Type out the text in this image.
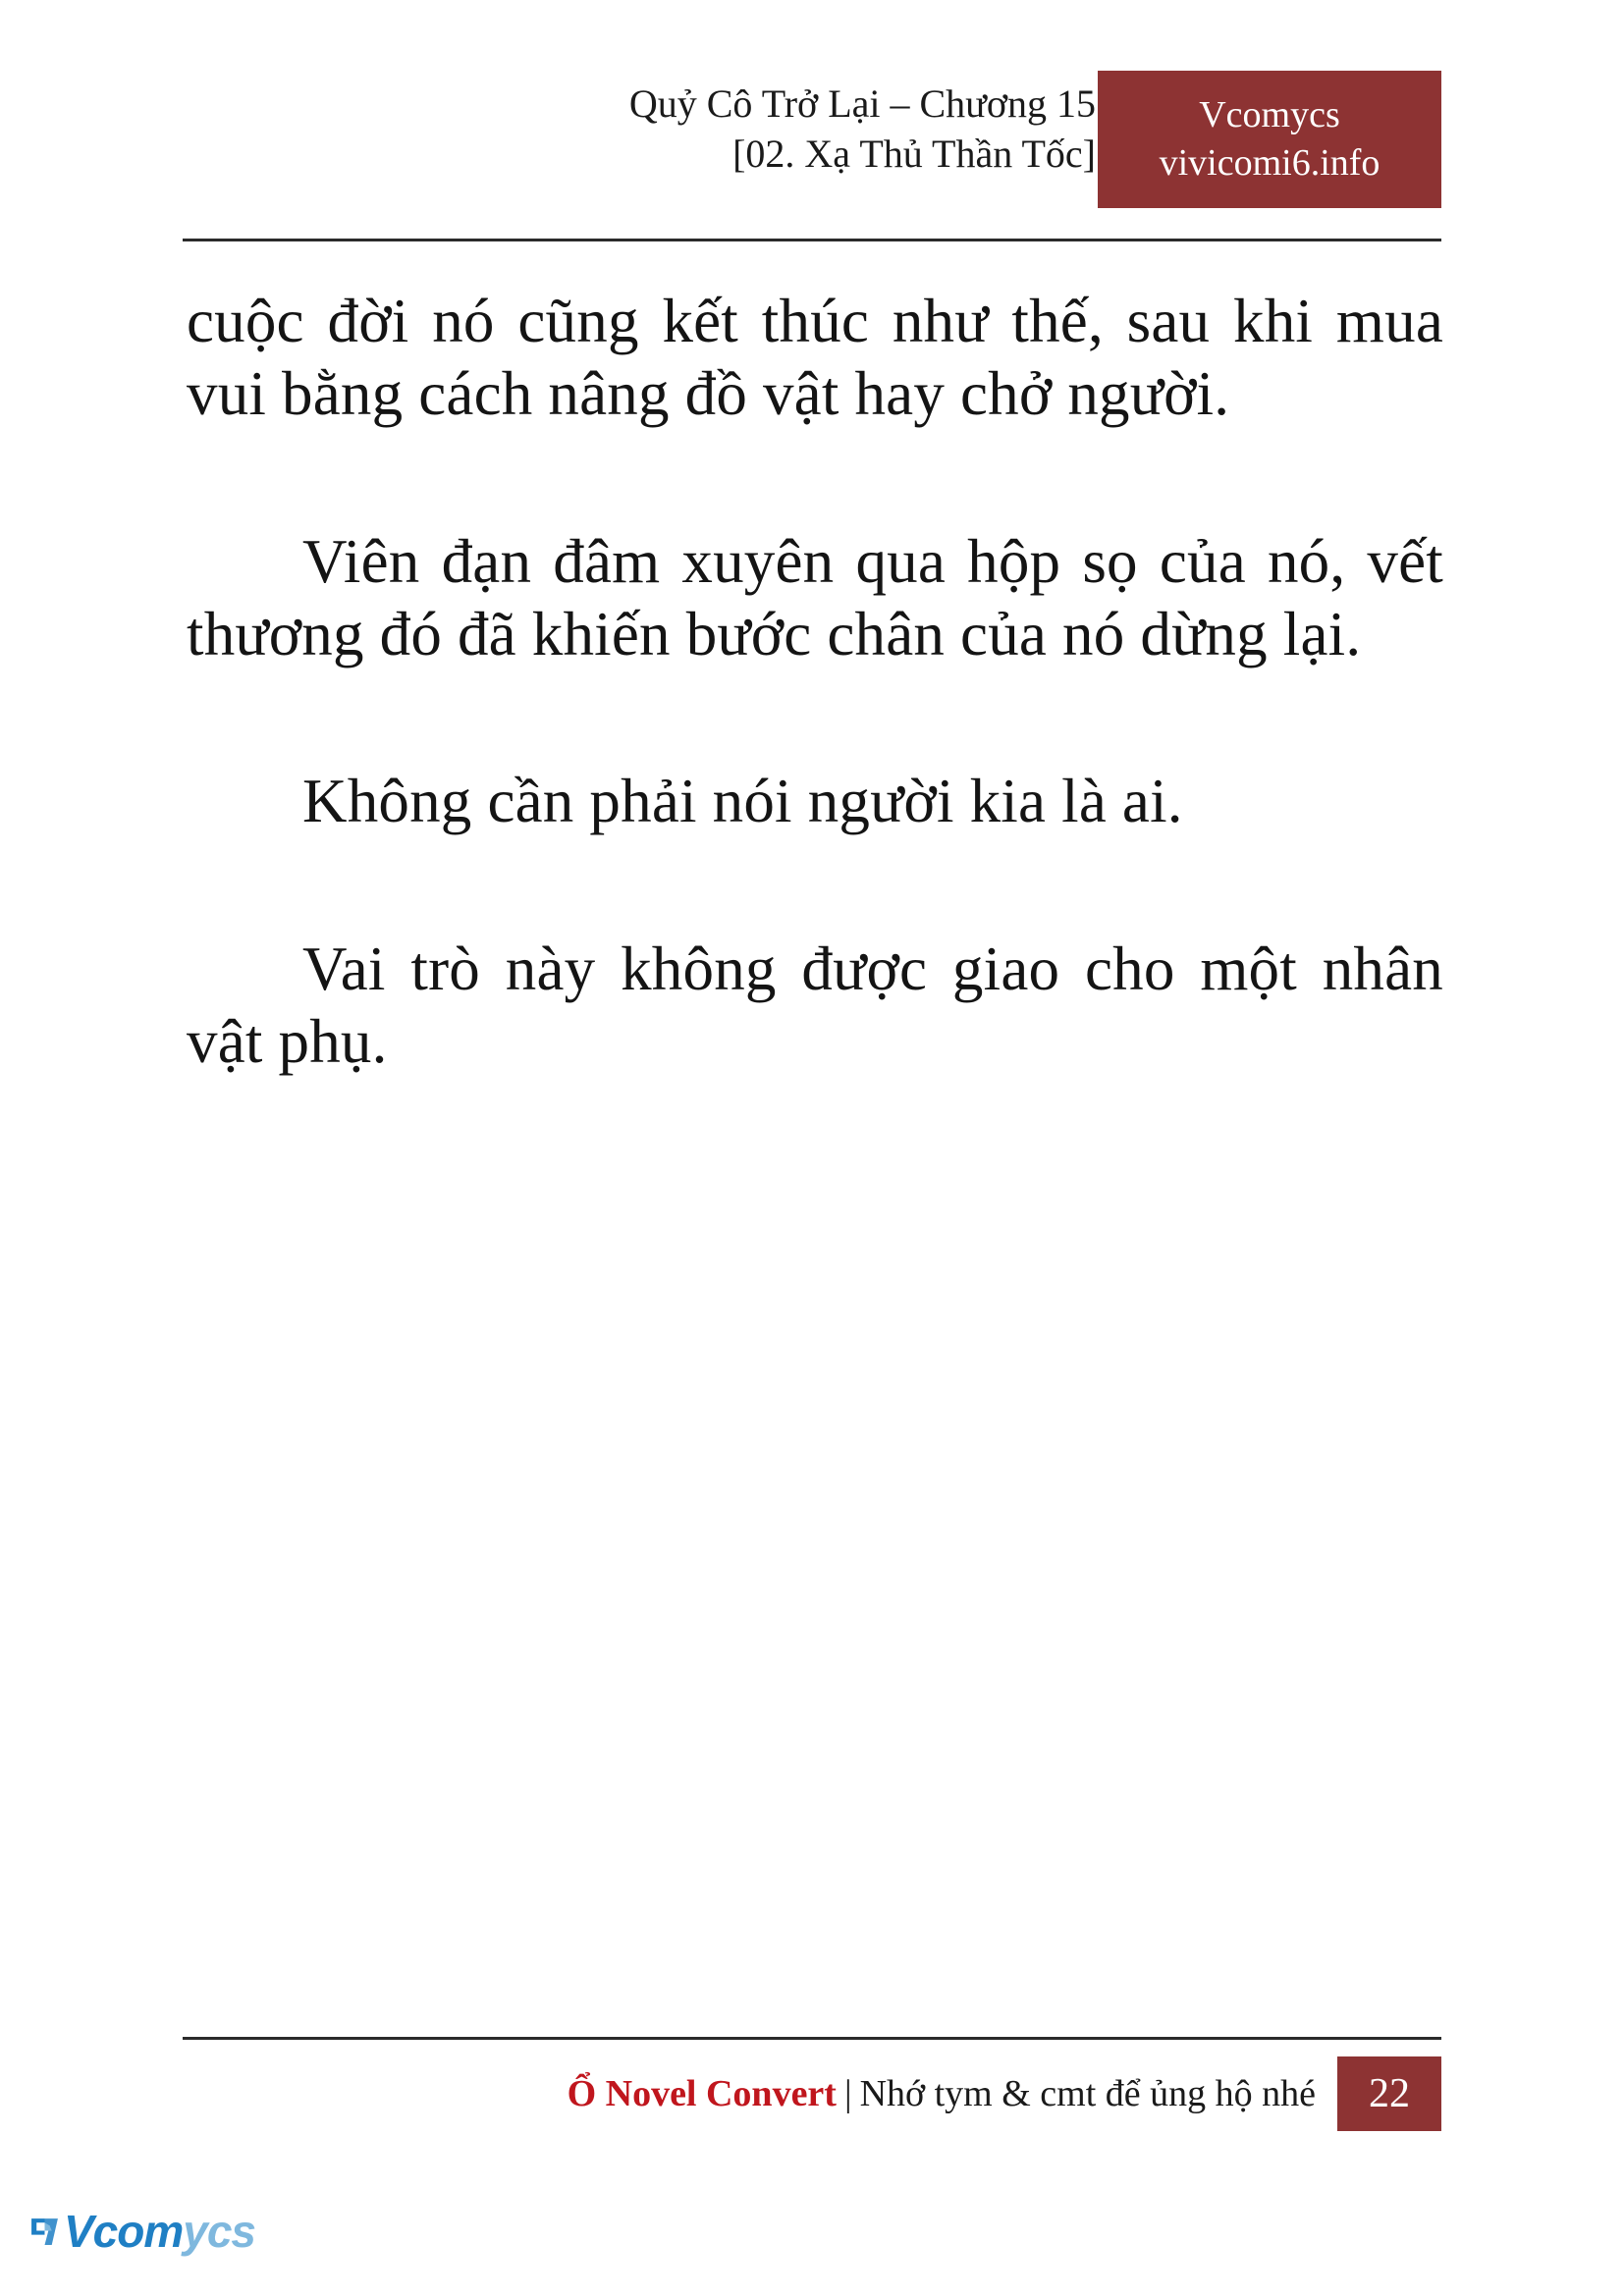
Quỷ Cô Trở Lại – Chương 15
[02. Xạ Thủ Thần Tốc]
Vcomycs
vivicomi6.info

cuộc đời nó cũng kết thúc như thế, sau khi mua vui bằng cách nâng đồ vật hay chở người.

Viên đạn đâm xuyên qua hộp sọ của nó, vết thương đó đã khiến bước chân của nó dừng lại.

Không cần phải nói người kia là ai.

Vai trò này không được giao cho một nhân vật phụ.

Ổ Novel Convert | Nhớ tym & cmt để ủng hộ nhé	22
Vcomycs
